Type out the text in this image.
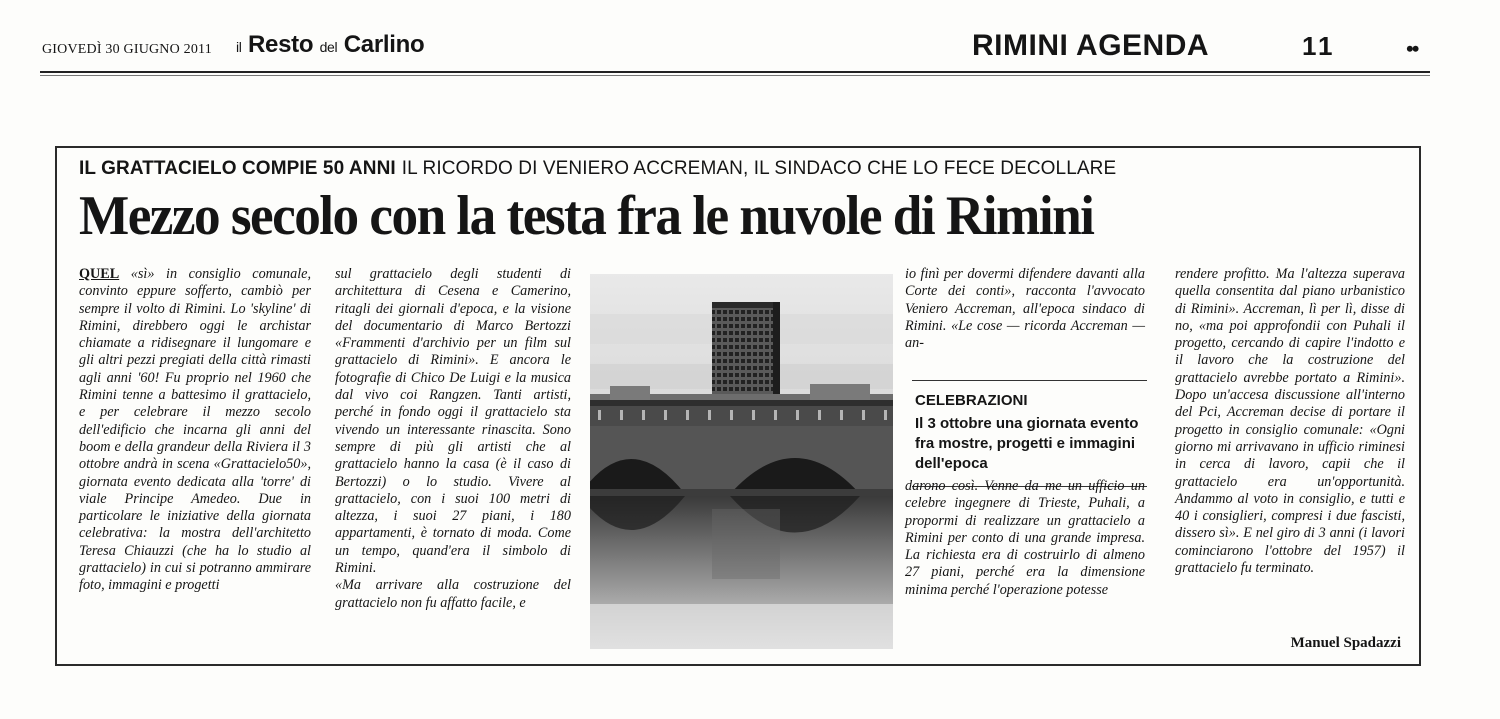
GIOVEDÌ 30 GIUGNO 2011 il Resto del Carlino	RIMINI AGENDA	11	••
IL GRATTACIELO COMPIE 50 ANNI IL RICORDO DI VENIERO ACCREMAN, IL SINDACO CHE LO FECE DECOLLARE
Mezzo secolo con la testa fra le nuvole di Rimini

QUEL «sì» in consiglio comunale, convinto eppure sofferto, cambiò per sempre il volto di Rimini. Lo 'skyline' di Rimini, direbbero oggi le archistar chiamate a ridisegnare il lungomare e gli altri pezzi pregiati della città rimasti agli anni '60! Fu proprio nel 1960 che Rimini tenne a battesimo il grattacielo, e per celebrare il mezzo secolo dell'edificio che incarna gli anni del boom e della grandeur della Riviera il 3 ottobre andrà in scena «Grattacielo50», giornata evento dedicata alla 'torre' di viale Principe Amedeo. Due in particolare le iniziative della giornata celebrativa: la mostra dell'architetto Teresa Chiauzzi (che ha lo studio al grattacielo) in cui si potranno ammirare foto, immagini e progetti

sul grattacielo degli studenti di architettura di Cesena e Camerino, ritagli dei giornali d'epoca, e la visione del documentario di Marco Bertozzi «Frammenti d'archivio per un film sul grattacielo di Rimini». E ancora le fotografie di Chico De Luigi e la musica dal vivo coi Rangzen. Tanti artisti, perché in fondo oggi il grattacielo sta vivendo un interessante rinascita. Sono sempre di più gli artisti che al grattacielo hanno la casa (è il caso di Bertozzi) o lo studio. Vivere al grattacielo, con i suoi 100 metri di altezza, i suoi 27 piani, i 180 appartamenti, è tornato di moda. Come un tempo, quand'era il simbolo di Rimini.

«Ma arrivare alla costruzione del grattacielo non fu affatto facile, e

io finì per dovermi difendere davanti alla Corte dei conti», racconta l'avvocato Veniero Accreman, all'epoca sindaco di Rimini. «Le cose — ricorda Accreman — an-

CELEBRAZIONI
Il 3 ottobre una giornata evento fra mostre, progetti e immagini dell'epoca

darono così. Venne da me un ufficio un celebre ingegnere di Trieste, Puhali, a propormi di realizzare un grattacielo a Rimini per conto di una grande impresa. La richiesta era di costruirlo di almeno 27 piani, perché era la dimensione minima perché l'operazione potesse

rendere profitto. Ma l'altezza superava quella consentita dal piano urbanistico di Rimini». Accreman, lì per lì, disse di no, «ma poi approfondii con Puhali il progetto, cercando di capire l'indotto e il lavoro che la costruzione del grattacielo avrebbe portato a Rimini». Dopo un'accesa discussione all'interno del Pci, Accreman decise di portare il progetto in consiglio comunale: «Ogni giorno mi arrivavano in ufficio riminesi in cerca di lavoro, capii che il grattacielo era un'opportunità. Andammo al voto in consiglio, e tutti e 40 i consiglieri, compresi i due fascisti, dissero sì». E nel giro di 3 anni (i lavori cominciarono l'ottobre del 1957) il grattacielo fu terminato.

Manuel Spadazzi
